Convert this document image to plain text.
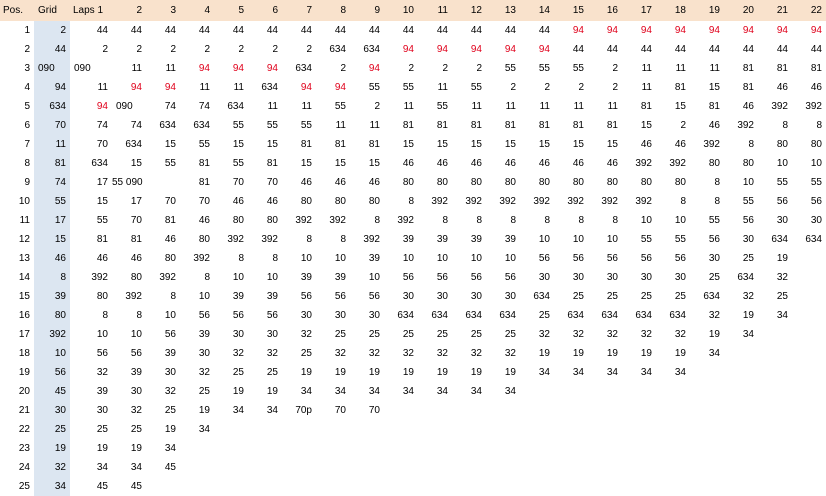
Pos.	Grid	Laps 1	2	3	4	5	6	7	8	9	10	11	12	13	14	15	16	17	18	19	20	21	22
1	2	44	44	44	44	44	44	44	44	44	44	44	44	44	44	94	94	94	94	94	94	94	94
2	44	2	2	2	2	2	2	2	634	634	94	94	94	94	94	44	44	44	44	44	44	44	44
3	090	090	11	11	94	94	94	634	2	94	2	2	2	55	55	55	2	11	11	11	81	81	81
4	94	11	94	94	11	11	634	94	94	55	55	11	55	2	2	2	2	11	81	15	81	46	46
5	634	94	090	74	74	634	11	11	55	2	11	55	11	11	11	11	11	81	15	81	46	392	392
6	70	74	74	634	634	55	55	55	11	11	81	81	81	81	81	81	81	15	2	46	392	8	8
7	11	70	634	15	55	15	15	81	81	81	15	15	15	15	15	15	15	46	46	392	8	80	80
8	81	634	15	55	81	55	81	15	15	15	46	46	46	46	46	46	46	392	392	80	80	10	10
9	74	17	55 090		81	70	70	46	46	46	80	80	80	80	80	80	80	80	80	8	10	55	55
10	55	15	17	70	70	46	46	80	80	80	8	392	392	392	392	392	392	392	8	8	55	56	56
11	17	55	70	81	46	80	80	392	392	8	392	8	8	8	8	8	8	10	10	55	56	30	30
12	15	81	81	46	80	392	392	8	8	392	39	39	39	39	10	10	10	55	55	56	30	634	634
13	46	46	46	80	392	8	8	10	10	39	10	10	10	10	56	56	56	56	56	30	25	19	
14	8	392	80	392	8	10	10	39	39	10	56	56	56	56	30	30	30	30	30	25	634	32	
15	39	80	392	8	10	39	39	56	56	56	30	30	30	30	634	25	25	25	25	634	32	25	
16	80	8	8	10	56	56	56	30	30	30	634	634	634	634	25	634	634	634	634	32	19	34	
17	392	10	10	56	39	30	30	32	25	25	25	25	25	25	32	32	32	32	32	19	34		
18	10	56	56	39	30	32	32	25	32	32	32	32	32	32	19	19	19	19	19	34			
19	56	32	39	30	32	25	25	19	19	19	19	19	19	19	34	34	34	34	34				
20	45	39	30	32	25	19	19	34	34	34	34	34	34	34									
21	30	30	32	25	19	34	34	70p	70	70													
22	25	25	25	19	34																		
23	19	19	19	34																			
24	32	34	34	45																			
25	34	45	45																				
